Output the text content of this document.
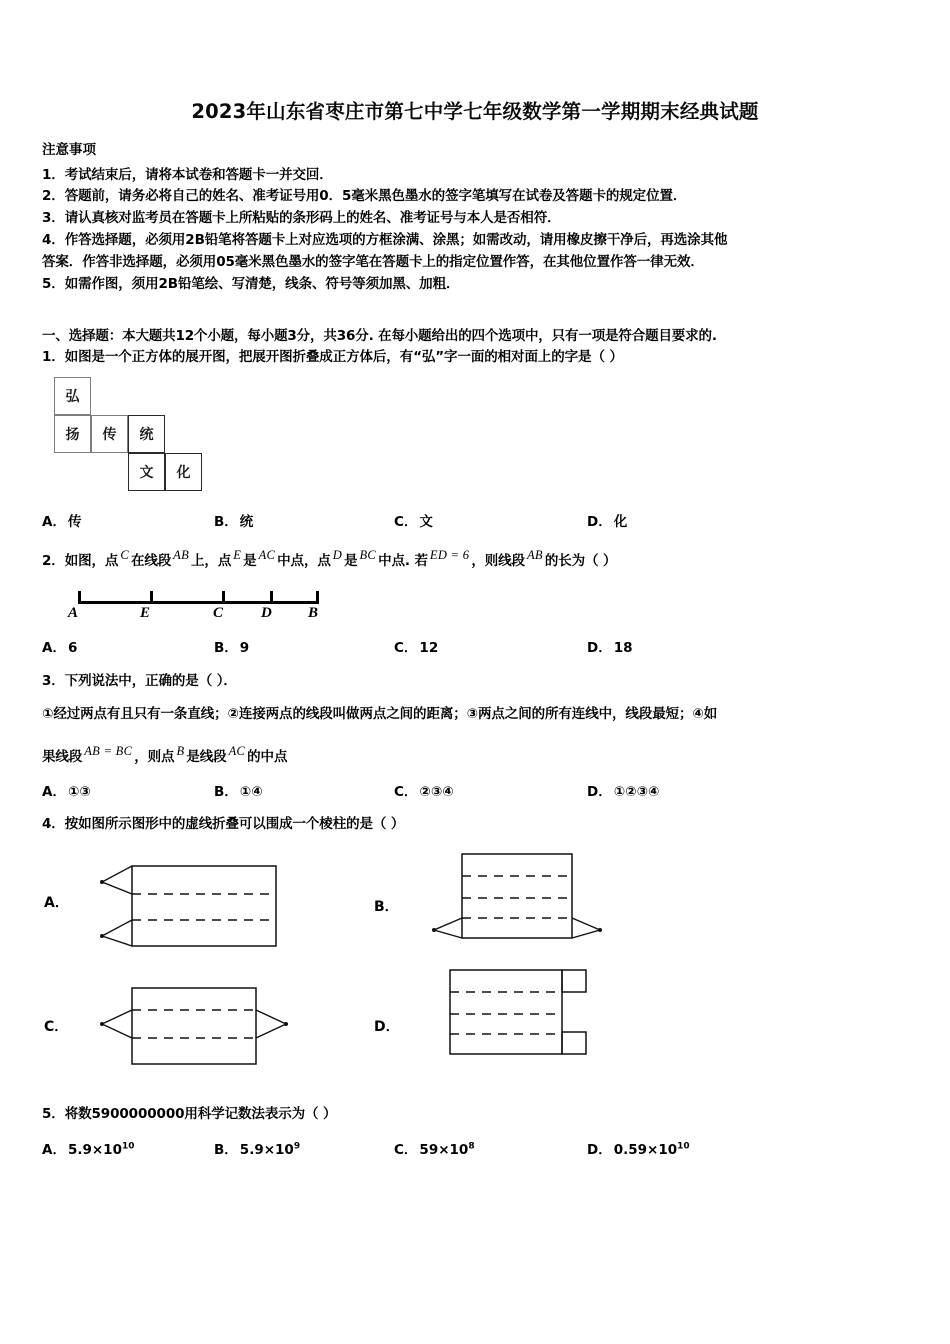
2023年山东省枣庄市第七中学七年级数学第一学期期末经典试题
注意事项

1．考试结束后，请将本试卷和答题卡一并交回．

2．答题前，请务必将自己的姓名、准考证号用0．5毫米黑色墨水的签字笔填写在试卷及答题卡的规定位置．

3．请认真核对监考员在答题卡上所粘贴的条形码上的姓名、准考证号与本人是否相符．

4．作答选择题，必须用2B铅笔将答题卡上对应选项的方框涂满、涂黑；如需改动，请用橡皮擦干净后，再选涂其他

答案．作答非选择题，必须用05毫米黑色墨水的签字笔在答题卡上的指定位置作答，在其他位置作答一律无效．

5．如需作图，须用2B铅笔绘、写清楚，线条、符号等须加黑、加粗．

一、选择题：本大题共12个小题，每小题3分，共36分. 在每小题给出的四个选项中，只有一项是符合题目要求的.

1．如图是一个正方体的展开图，把展开图折叠成正方体后，有“弘”字一面的相对面上的字是（ ）

弘
扬	传	统
文	化
A． 传	B． 统	C． 文	D． 化

2．如图，点 C 在线段 AB 上，点 E 是 AC 中点，点 D 是 BC 中点. 若 ED = 6 ，则线段 AB 的长为（ ）

A	E	C	D B
A． 6	B． 9	C． 12	D． 18

3．下列说法中，正确的是（ ）．

①经过两点有且只有一条直线；②连接两点的线段叫做两点之间的距离；③两点之间的所有连线中，线段最短；④如

果线段 AB = BC ，则点 B 是线段 AC 的中点

A． ①③	B． ①④	C． ②③④	D． ①②③④

4．按如图所示图形中的虚线折叠可以围成一个棱柱的是（ ）

A．	B．
C．	D．

5．将数5900000000用科学记数法表示为（ ）

A． $5.9\times 10^{10}$	B． $5.9\times 10^9$	C． $59\times 10^8$	D． $0.59\times 10^{10}$
